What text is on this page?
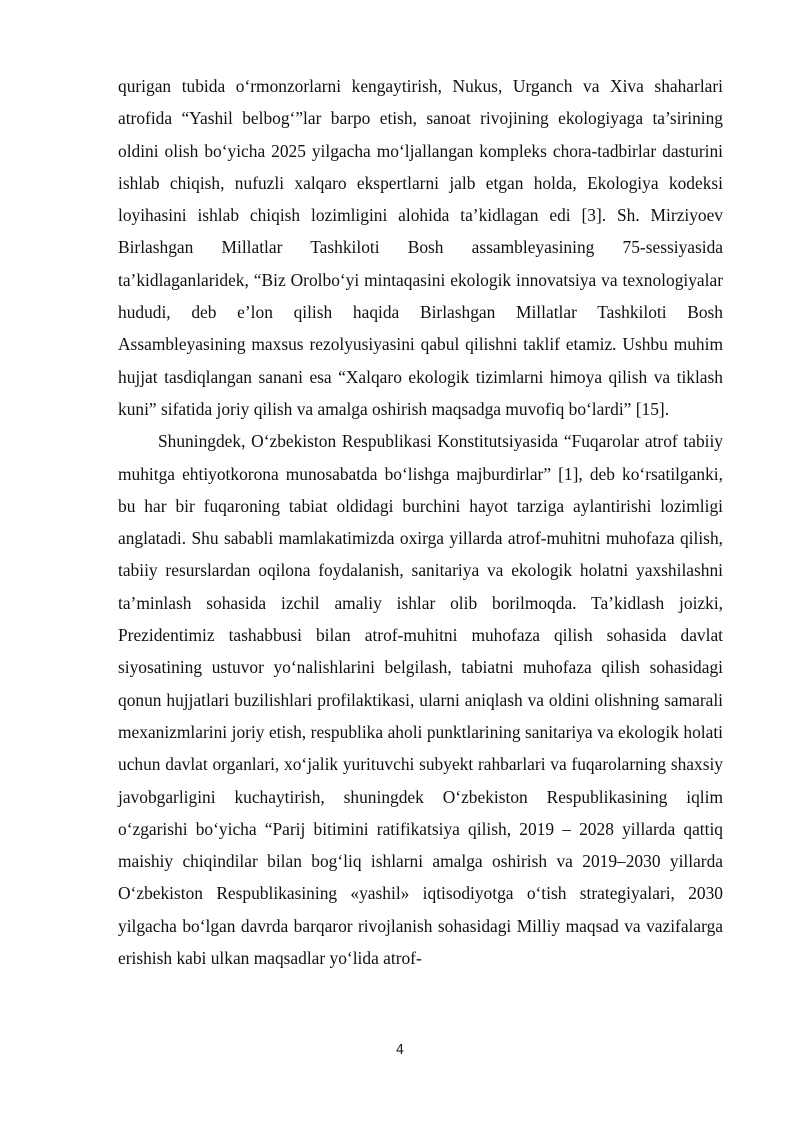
qurigan tubida o‘rmonzorlarni kengaytirish, Nukus, Urganch va Xiva shaharlari atrofida “Yashil belbog‘”lar barpo etish, sanoat rivojining ekologiyaga ta’sirining oldini olish bo‘yicha 2025 yilgacha mo‘ljallangan kompleks chora-tadbirlar dasturini ishlab chiqish, nufuzli xalqaro ekspertlarni jalb etgan holda, Ekologiya kodeksi loyihasini ishlab chiqish lozimligini alohida ta’kidlagan edi [3]. Sh. Mirziyoev Birlashgan Millatlar Tashkiloti Bosh assambleyasining 75-sessiyasida ta’kidlaganlaridek, “Biz Orolbo‘yi mintaqasini ekologik innovatsiya va texnologiyalar hududi, deb e’lon qilish haqida Birlashgan Millatlar Tashkiloti Bosh Assambleyasining maxsus rezolyusiyasini qabul qilishni taklif etamiz. Ushbu muhim hujjat tasdiqlangan sanani esa “Xalqaro ekologik tizimlarni himoya qilish va tiklash kuni” sifatida joriy qilish va amalga oshirish maqsadga muvofiq bo‘lardi” [15].

Shuningdek, O‘zbekiston Respublikasi Konstitutsiyasida “Fuqarolar atrof tabiiy muhitga ehtiyotkorona munosabatda bo‘lishga majburdirlar” [1], deb ko‘rsatilganki, bu har bir fuqaroning tabiat oldidagi burchini hayot tarziga aylantirishi lozimligi anglatadi. Shu sababli mamlakatimizda oxirga yillarda atrof-muhitni muhofaza qilish, tabiiy resurslardan oqilona foydalanish, sanitariya va ekologik holatni yaxshilashni ta’minlash sohasida izchil amaliy ishlar olib borilmoqda. Ta’kidlash joizki, Prezidentimiz tashabbusi bilan atrof-muhitni muhofaza qilish sohasida davlat siyosatining ustuvor yo‘nalishlarini belgilash, tabiatni muhofaza qilish sohasidagi qonun hujjatlari buzilishlari profilaktikasi, ularni aniqlash va oldini olishning samarali mexanizmlarini joriy etish, respublika aholi punktlarining sanitariya va ekologik holati uchun davlat organlari, xo‘jalik yurituvchi subyekt rahbarlari va fuqarolarning shaxsiy javobgarligini kuchaytirish, shuningdek O‘zbekiston Respublikasining iqlim o‘zgarishi bo‘yicha “Parij bitimini ratifikatsiya qilish, 2019 – 2028 yillarda qattiq maishiy chiqindilar bilan bog‘liq ishlarni amalga oshirish va 2019–2030 yillarda O‘zbekiston Respublikasining «yashil» iqtisodiyotga o‘tish strategiyalari, 2030 yilgacha bo‘lgan davrda barqaror rivojlanish sohasidagi Milliy maqsad va vazifalarga erishish kabi ulkan maqsadlar yo‘lida atrof-

4
